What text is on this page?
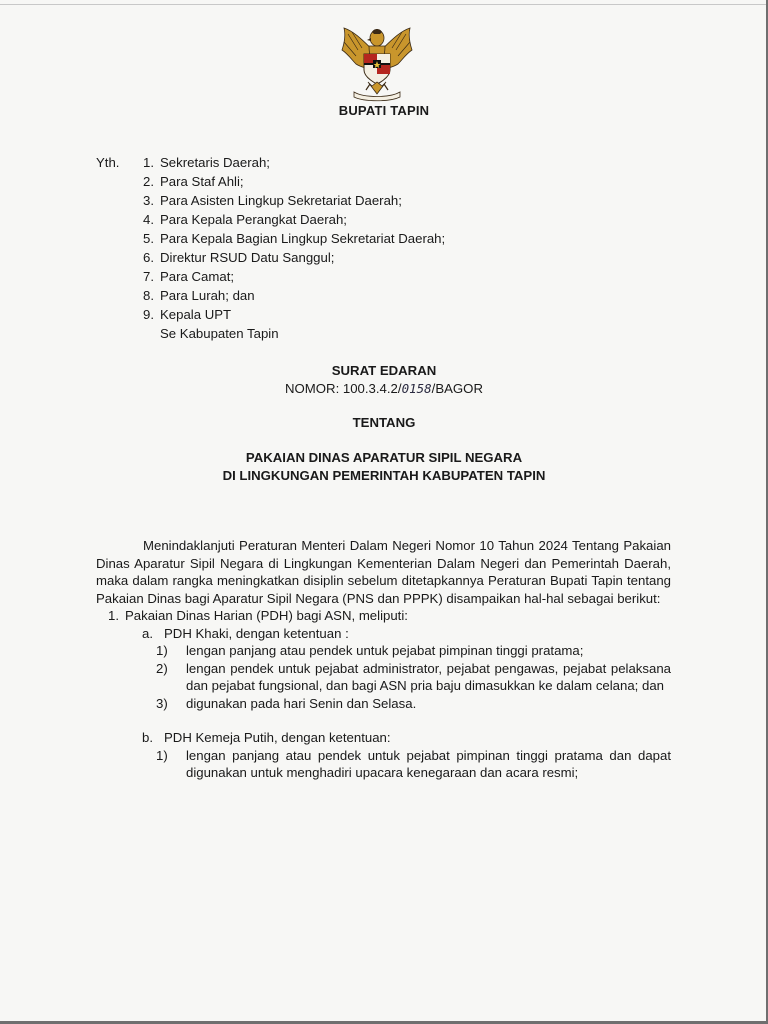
BUPATI TAPIN
Yth.	1. Sekretaris Daerah;
2. Para Staf Ahli;
3. Para Asisten Lingkup Sekretariat Daerah;
4. Para Kepala Perangkat Daerah;
5. Para Kepala Bagian Lingkup Sekretariat Daerah;
6. Direktur RSUD Datu Sanggul;
7. Para Camat;
8. Para Lurah; dan
9. Kepala UPT
Se Kabupaten Tapin
SURAT EDARAN
NOMOR: 100.3.4.2/0158/BAGOR
TENTANG
PAKAIAN DINAS APARATUR SIPIL NEGARA
DI LINGKUNGAN PEMERINTAH KABUPATEN TAPIN

Menindaklanjuti Peraturan Menteri Dalam Negeri Nomor 10 Tahun 2024 Tentang Pakaian Dinas Aparatur Sipil Negara di Lingkungan Kementerian Dalam Negeri dan Pemerintah Daerah, maka dalam rangka meningkatkan disiplin sebelum ditetapkannya Peraturan Bupati Tapin tentang Pakaian Dinas bagi Aparatur Sipil Negara (PNS dan PPPK) disampaikan hal-hal sebagai berikut:

1. Pakaian Dinas Harian (PDH) bagi ASN, meliputi:
a. PDH Khaki, dengan ketentuan :
1)	lengan panjang atau pendek untuk pejabat pimpinan tinggi pratama;
2)	lengan pendek untuk pejabat administrator, pejabat pengawas, pejabat pelaksana dan pejabat fungsional, dan bagi ASN pria baju dimasukkan ke dalam celana; dan
3)	digunakan pada hari Senin dan Selasa.
b. PDH Kemeja Putih, dengan ketentuan:
1)	lengan panjang atau pendek untuk pejabat pimpinan tinggi pratama dan dapat digunakan untuk menghadiri upacara kenegaraan dan acara resmi;
